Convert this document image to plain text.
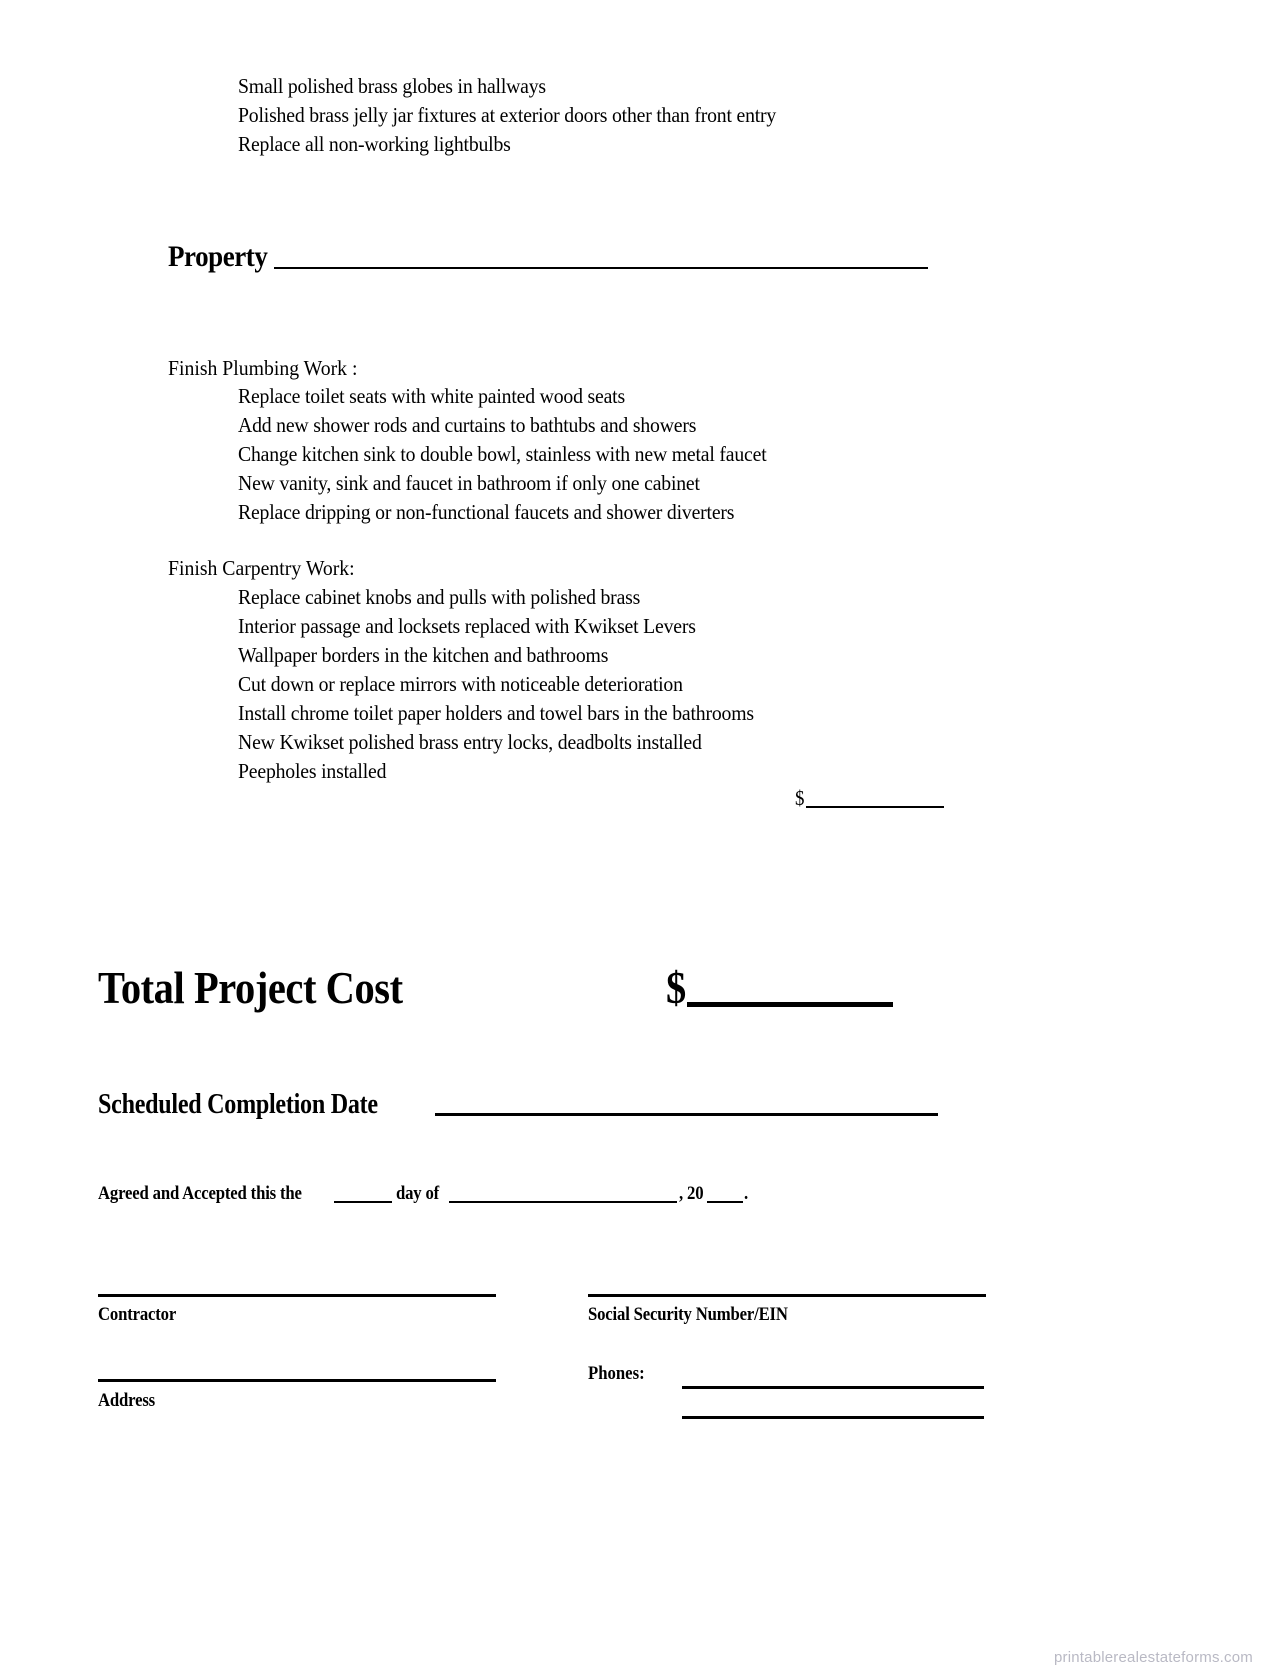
Small polished brass globes in hallways
Polished brass jelly jar fixtures at exterior doors other than front entry
Replace all non-working lightbulbs
Property
Finish Plumbing Work :
Replace toilet seats with white painted wood seats
Add new shower rods and curtains to bathtubs and showers
Change kitchen sink to double bowl, stainless with new metal faucet
New vanity, sink and faucet in bathroom if only one cabinet
Replace dripping or non-functional faucets and shower diverters
Finish Carpentry Work:
Replace cabinet knobs and pulls with polished brass
Interior passage and locksets replaced with Kwikset Levers
Wallpaper borders in the kitchen and bathrooms
Cut down or replace mirrors with noticeable deterioration
Install chrome toilet paper holders and towel bars in the bathrooms
New Kwikset polished brass entry locks, deadbolts installed
Peepholes installed
$
Total Project Cost	$
Scheduled Completion Date
Agreed and Accepted this the	day of	, 20 .
Contractor
Address
Social Security Number/EIN
Phones:
printablerealestateforms.com
